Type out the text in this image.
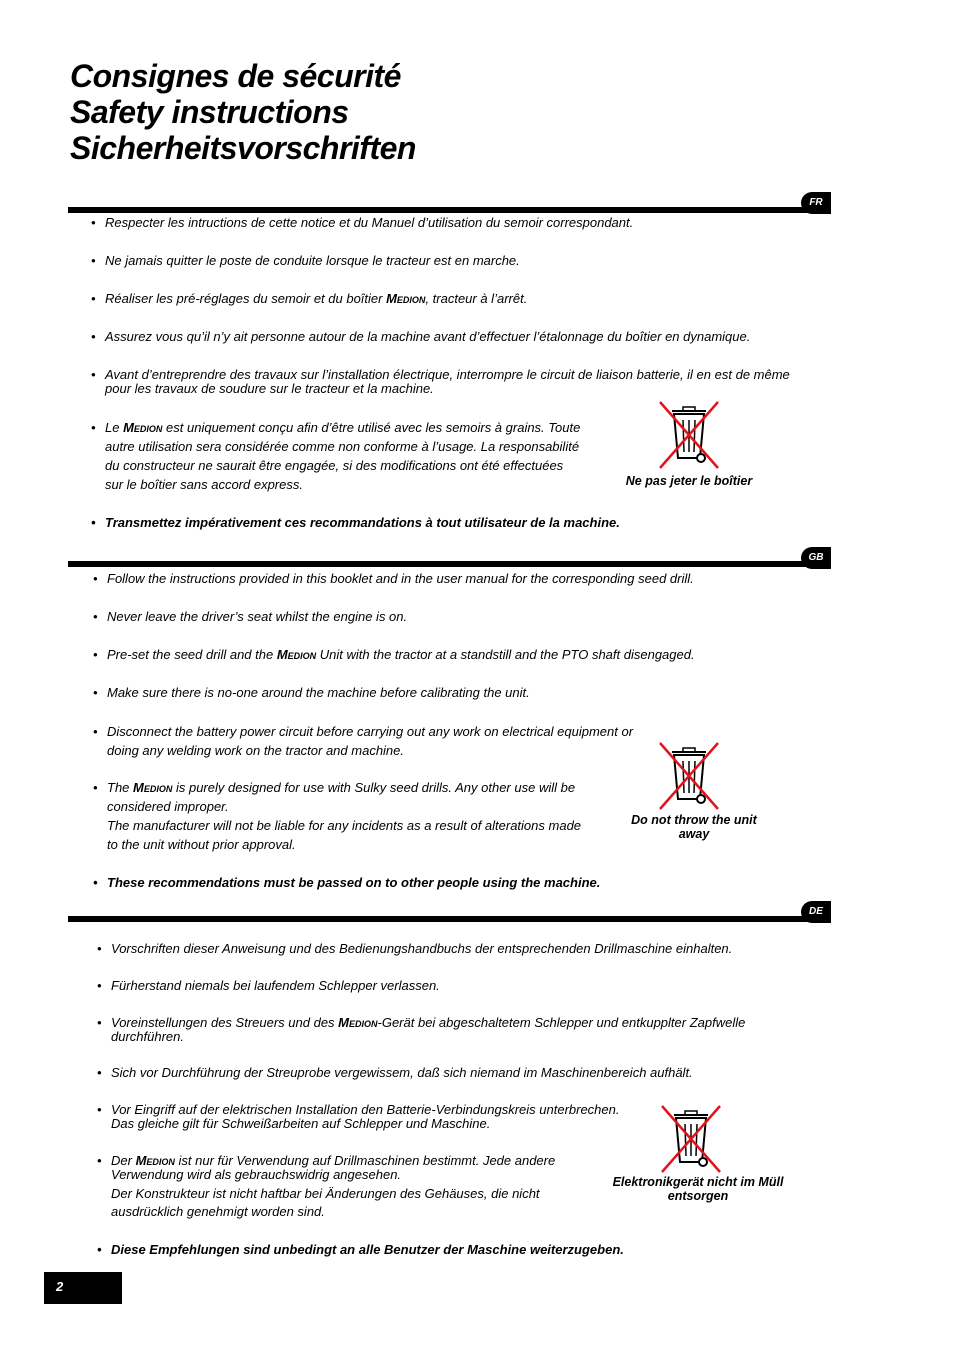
Consignes de sécurité
Safety instructions
Sicherheitsvorschriften
FR
• Respecter les intructions de cette notice et du Manuel d’utilisation du semoir correspondant.
• Ne jamais quitter le poste de conduite lorsque le tracteur est en marche.
• Réaliser les pré-réglages du semoir et du boîtier Medion, tracteur à l’arrêt.
• Assurez vous qu’il n’y ait personne autour de la machine avant d’effectuer l’étalonnage du boîtier en dynamique.
• Avant d’entreprendre des travaux sur l’installation électrique, interrompre le circuit de liaison batterie, il en est de même pour les travaux de soudure sur le tracteur et la machine.
• Le Medion est uniquement conçu afin d’être utilisé avec les semoirs à grains. Toute autre utilisation sera considérée comme non conforme à l’usage. La responsabilité du constructeur ne saurait être engagée, si des modifications ont été effectuées sur le boîtier sans accord express.	Ne pas jeter le boîtier
• Transmettez impérativement ces recommandations à tout utilisateur de la machine.
GB
• Follow the instructions provided in this booklet and in the user manual for the corresponding seed drill.
• Never leave the driver’s seat whilst the engine is on.
• Pre-set the seed drill and the Medion Unit with the tractor at a standstill and the PTO shaft disengaged.
• Make sure there is no-one around the machine before calibrating the unit.
• Disconnect the battery power circuit before carrying out any work on electrical equipment or doing any welding work on the tractor and machine.
• The Medion is purely designed for use with Sulky seed drills. Any other use will be considered improper.
The manufacturer will not be liable for any incidents as a result of alterations made to the unit without prior approval.
Do not throw the unit away
• These recommendations must be passed on to other people using the machine.
DE
• Vorschriften dieser Anweisung und des Bedienungshandbuchs der entsprechenden Drillmaschine einhalten.
• Fürherstand niemals bei laufendem Schlepper verlassen.
• Voreinstellungen des Streuers und des Medion-Gerät bei abgeschaltetem Schlepper und entkupplter Zapfwelle durchführen.
• Sich vor Durchführung der Streuprobe vergewissem, daß sich niemand im Maschinenbereich aufhält.
• Vor Eingriff auf der elektrischen Installation den Batterie-Verbindungskreis unterbrechen. Das gleiche gilt für Schweißarbeiten auf Schlepper und Maschine.
• Der Medion ist nur für Verwendung auf Drillmaschinen bestimmt. Jede andere Verwendung wird als gebrauchswidrig angesehen.
Der Konstrukteur ist nicht haftbar bei Änderungen des Gehäuses, die nicht ausdrücklich genehmigt worden sind.
Elektronikgerät nicht im Müll entsorgen
• Diese Empfehlungen sind unbedingt an alle Benutzer der Maschine weiterzugeben.
2
